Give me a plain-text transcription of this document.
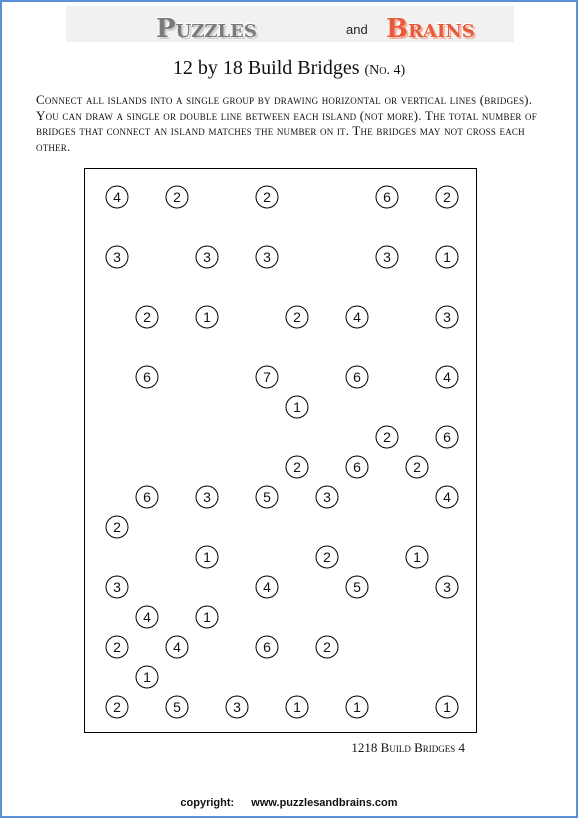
Puzzles	and Brains
12 by 18 Build Bridges (No. 4)

Connect all islands into a single group by drawing horizontal or vertical lines (bridges). You can draw a single or double line between each island (not more). The total number of bridges that connect an island matches the number on it. The bridges may not cross each other.

4	2	2	6	2
3	3	3	3	1
2	1	2	4	3
6	7	6	4
1
2	6
2	6	2
6	3	5	3	4
2
1	2	1
3	4	5	3
4	1
2	4	6	2
1
2	5	3	1	1	1
1218 Build Bridges 4
copyright: www.puzzlesandbrains.com
